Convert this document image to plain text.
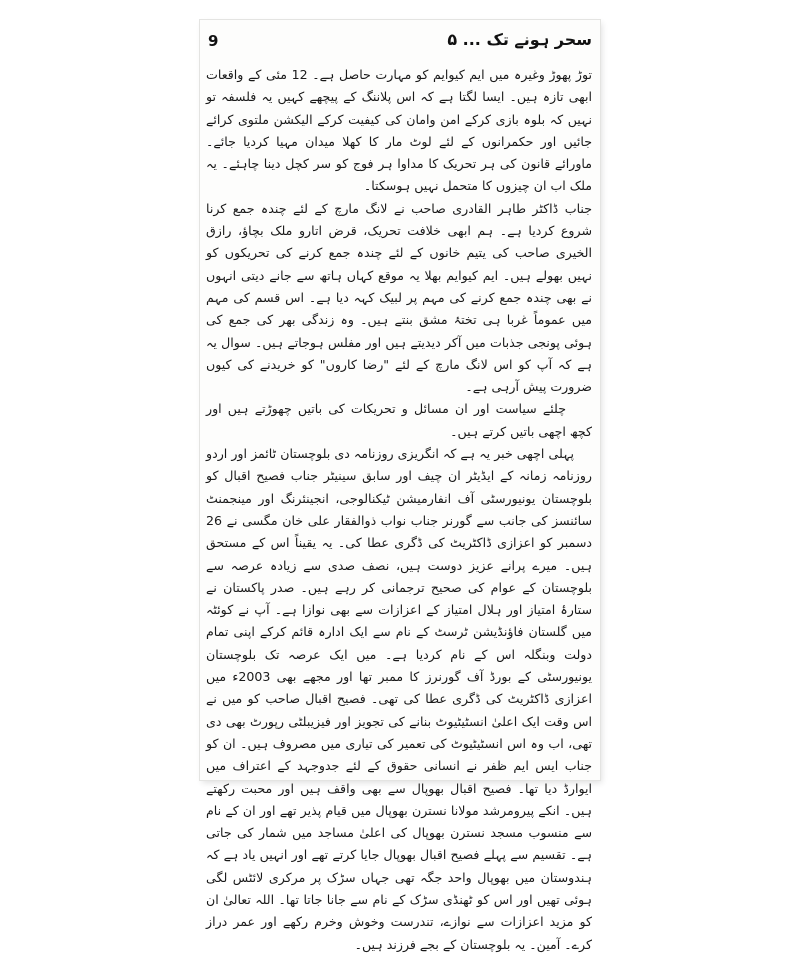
9	سحر ہونے تک ... ۵

توڑ پھوڑ وغیرہ میں ایم کیوایم کو مہارت حاصل ہے۔ 12 مئی کے واقعات ابھی تازہ ہیں۔ ایسا لگتا ہے کہ اس پلاننگ کے پیچھے کہیں یہ فلسفہ تو نہیں کہ بلوہ بازی کرکے امن وامان کی کیفیت کرکے الیکشن ملتوی کرائے جائیں اور حکمرانوں کے لئے لوٹ مار کا کھلا میدان مہیا کردیا جائے۔ ماورائے قانون کی ہر تحریک کا مداوا ہر فوج کو سر کچل دینا چاہئے۔ یہ ملک اب ان چیزوں کا متحمل نہیں ہوسکتا۔

جناب ڈاکٹر طاہر القادری صاحب نے لانگ مارچ کے لئے چندہ جمع کرنا شروع کردیا ہے۔ ہم ابھی خلافت تحریک، قرض اتارو ملک بچاؤ، رازق الخیری صاحب کی یتیم خانوں کے لئے چندہ جمع کرنے کی تحریکوں کو نہیں بھولے ہیں۔ ایم کیوایم بھلا یہ موقع کہاں ہاتھ سے جانے دیتی انہوں نے بھی چندہ جمع کرنے کی مہم پر لبیک کہہ دیا ہے۔ اس قسم کی مہم میں عموماً غربا ہی تختۂ مشق بنتے ہیں۔ وہ زندگی بھر کی جمع کی ہوئی پونجی جذبات میں آکر دیدیتے ہیں اور مفلس ہوجاتے ہیں۔ سوال یہ ہے کہ آپ کو اس لانگ مارچ کے لئے "رضا کاروں" کو خریدنے کی کیوں ضرورت پیش آرہی ہے۔

چلئے سیاست اور ان مسائل و تحریکات کی باتیں چھوڑتے ہیں اور کچھ اچھی باتیں کرتے ہیں۔

پہلی اچھی خبر یہ ہے کہ انگریزی روزنامہ دی بلوچستان ٹائمز اور اردو روزنامہ زمانہ کے ایڈیٹر ان چیف اور سابق سینیٹر جناب فصیح اقبال کو بلوچستان یونیورسٹی آف انفارمیشن ٹیکنالوجی، انجینئرنگ اور مینجمنٹ سائنسز کی جانب سے گورنر جناب نواب ذوالفقار علی خان مگسی نے 26 دسمبر کو اعزازی ڈاکٹریٹ کی ڈگری عطا کی۔ یہ یقیناً اس کے مستحق ہیں۔ میرے پرانے عزیز دوست ہیں، نصف صدی سے زیادہ عرصہ سے بلوچستان کے عوام کی صحیح ترجمانی کر رہے ہیں۔ صدر پاکستان نے ستارۂ امتیاز اور ہلال امتیاز کے اعزازات سے بھی نوازا ہے۔ آپ نے کوئٹہ میں گلستان فاؤنڈیشن ٹرسٹ کے نام سے ایک ادارہ قائم کرکے اپنی تمام دولت وبنگلہ اس کے نام کردیا ہے۔ میں ایک عرصہ تک بلوچستان یونیورسٹی کے بورڈ آف گورنرز کا ممبر تھا اور مجھے بھی 2003ء میں اعزازی ڈاکٹریٹ کی ڈگری عطا کی تھی۔ فصیح اقبال صاحب کو میں نے اس وقت ایک اعلیٰ انسٹیٹیوٹ بنانے کی تجویز اور فیزیبلٹی رپورٹ بھی دی تھی، اب وہ اس انسٹیٹیوٹ کی تعمیر کی تیاری میں مصروف ہیں۔ ان کو جناب ایس ایم ظفر نے انسانی حقوق کے لئے جدوجہد کے اعتراف میں ایوارڈ دیا تھا۔ فصیح اقبال بھوپال سے بھی واقف ہیں اور محبت رکھتے ہیں۔ انکے پیرومرشد مولانا نسترن بھوپال میں قیام پذیر تھے اور ان کے نام سے منسوب مسجد نسترن بھوپال کی اعلیٰ مساجد میں شمار کی جاتی ہے۔ تقسیم سے پہلے فصیح اقبال بھوپال جایا کرتے تھے اور انہیں یاد ہے کہ ہندوستان میں بھوپال واحد جگہ تھی جہاں سڑک پر مرکری لائٹس لگی ہوئی تھیں اور اس کو ٹھنڈی سڑک کے نام سے جانا جاتا تھا۔ اللہ تعالیٰ ان کو مزید اعزازات سے نوازے، تندرست وخوش وخرم رکھے اور عمر دراز کرے۔ آمین۔ یہ بلوچستان کے بجے فرزند ہیں۔
